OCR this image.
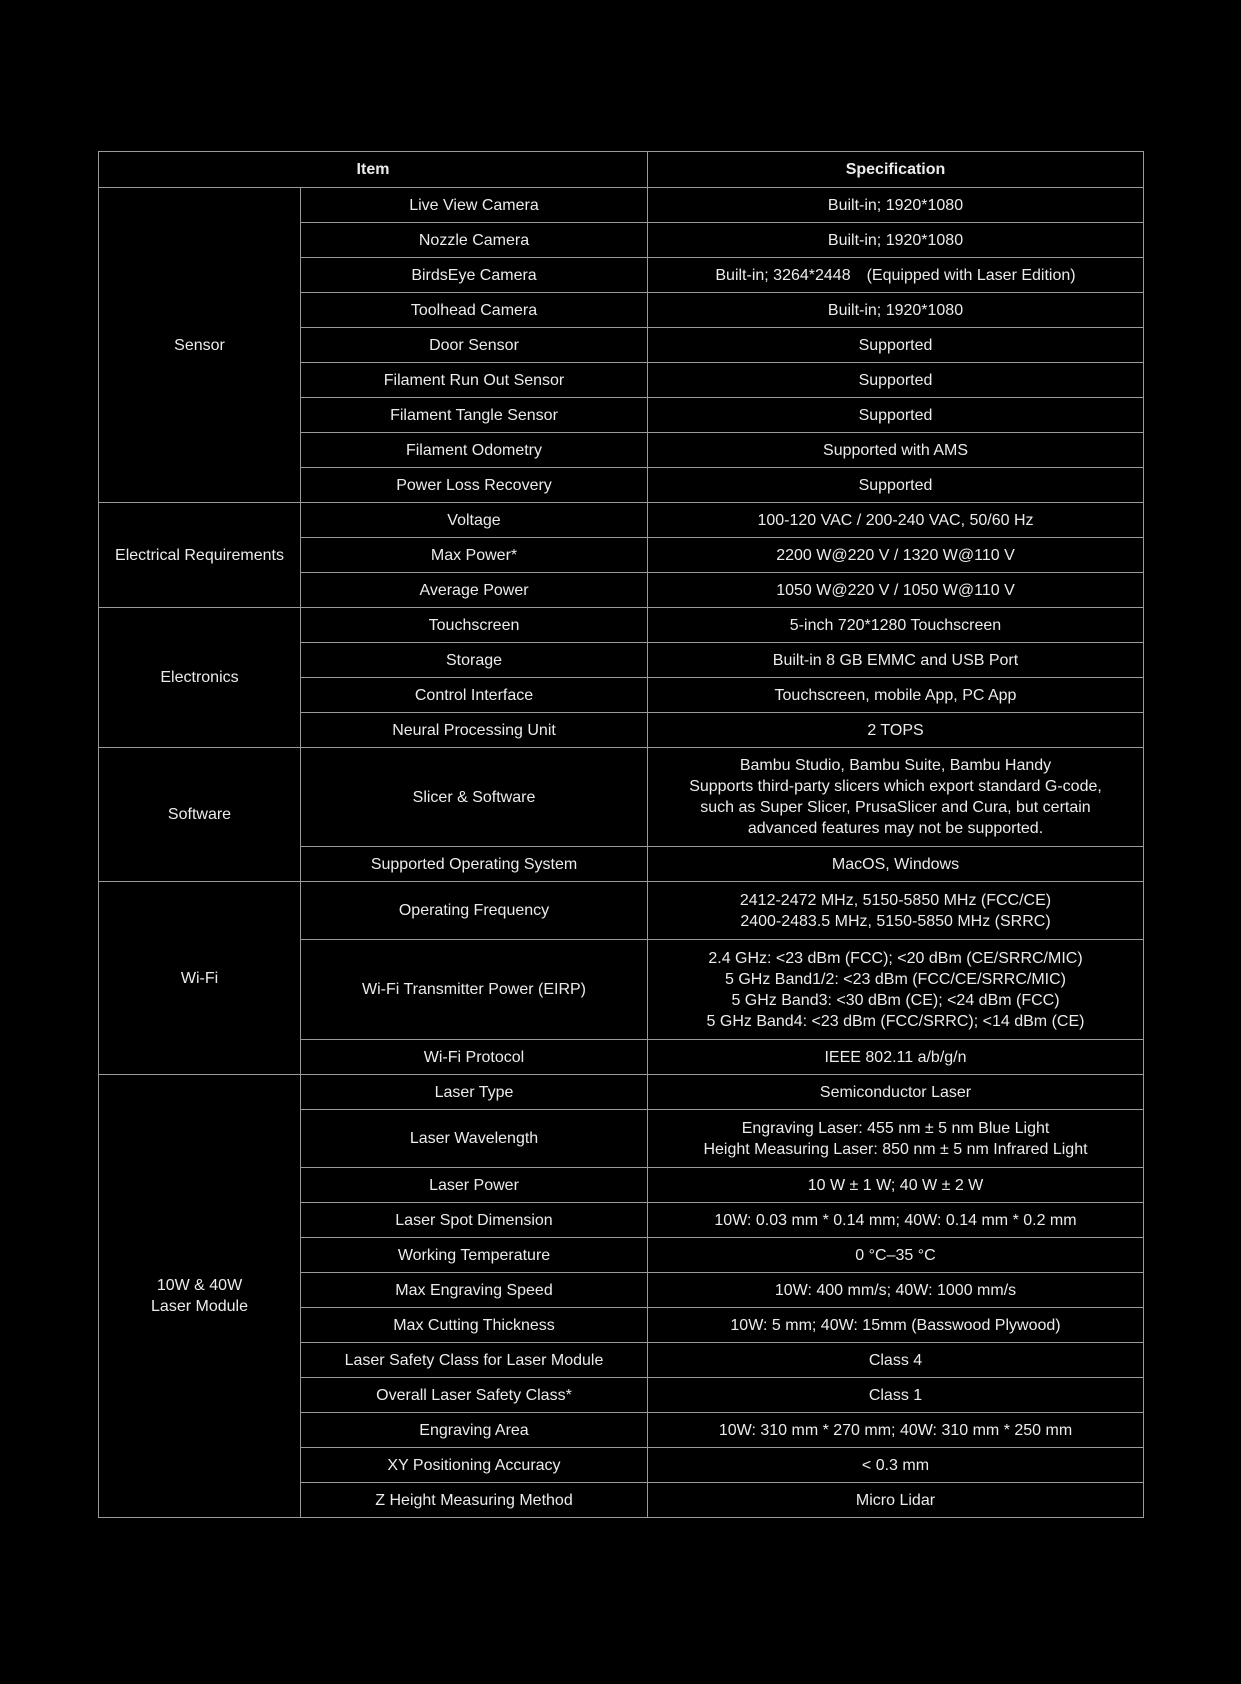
Item		Specification
Sensor	Live View Camera	Built-in; 1920*1080
	Nozzle Camera	Built-in; 1920*1080
	BirdsEye Camera	Built-in; 3264*2448　(Equipped with Laser Edition)
	Toolhead Camera	Built-in; 1920*1080
	Door Sensor	Supported
	Filament Run Out Sensor	Supported
	Filament Tangle Sensor	Supported
	Filament Odometry	Supported with AMS
	Power Loss Recovery	Supported
Electrical Requirements	Voltage	100-120 VAC / 200-240 VAC, 50/60 Hz
	Max Power*	2200 W@220 V / 1320 W@110 V
	Average Power	1050 W@220 V / 1050 W@110 V
Electronics	Touchscreen	5-inch 720*1280 Touchscreen
	Storage	Built-in 8 GB EMMC and USB Port
	Control Interface	Touchscreen, mobile App, PC App
	Neural Processing Unit	2 TOPS
Software	Slicer & Software	Bambu Studio, Bambu Suite, Bambu Handy
Supports third-party slicers which export standard G-code,
such as Super Slicer, PrusaSlicer and Cura, but certain
advanced features may not be supported.
	Supported Operating System	MacOS, Windows
Wi-Fi	Operating Frequency	2412-2472 MHz, 5150-5850 MHz (FCC/CE)
2400-2483.5 MHz, 5150-5850 MHz (SRRC)
	Wi-Fi Transmitter Power (EIRP)	2.4 GHz: <23 dBm (FCC); <20 dBm (CE/SRRC/MIC)
5 GHz Band1/2: <23 dBm (FCC/CE/SRRC/MIC)
5 GHz Band3: <30 dBm (CE); <24 dBm (FCC)
5 GHz Band4: <23 dBm (FCC/SRRC); <14 dBm (CE)
	Wi-Fi Protocol	IEEE 802.11 a/b/g/n
10W & 40W
Laser Module	Laser Type	Semiconductor Laser
	Laser Wavelength	Engraving Laser: 455 nm ± 5 nm Blue Light
Height Measuring Laser: 850 nm ± 5 nm Infrared Light
	Laser Power	10 W ± 1 W; 40 W ± 2 W
	Laser Spot Dimension	10W: 0.03 mm * 0.14 mm; 40W: 0.14 mm * 0.2 mm
	Working Temperature	0 °C–35 °C
	Max Engraving Speed	10W: 400 mm/s; 40W: 1000 mm/s
	Max Cutting Thickness	10W: 5 mm; 40W: 15mm (Basswood Plywood)
	Laser Safety Class for Laser Module	Class 4
	Overall Laser Safety Class*	Class 1
	Engraving Area	10W: 310 mm * 270 mm; 40W: 310 mm * 250 mm
	XY Positioning Accuracy	< 0.3 mm
	Z Height Measuring Method	Micro Lidar
